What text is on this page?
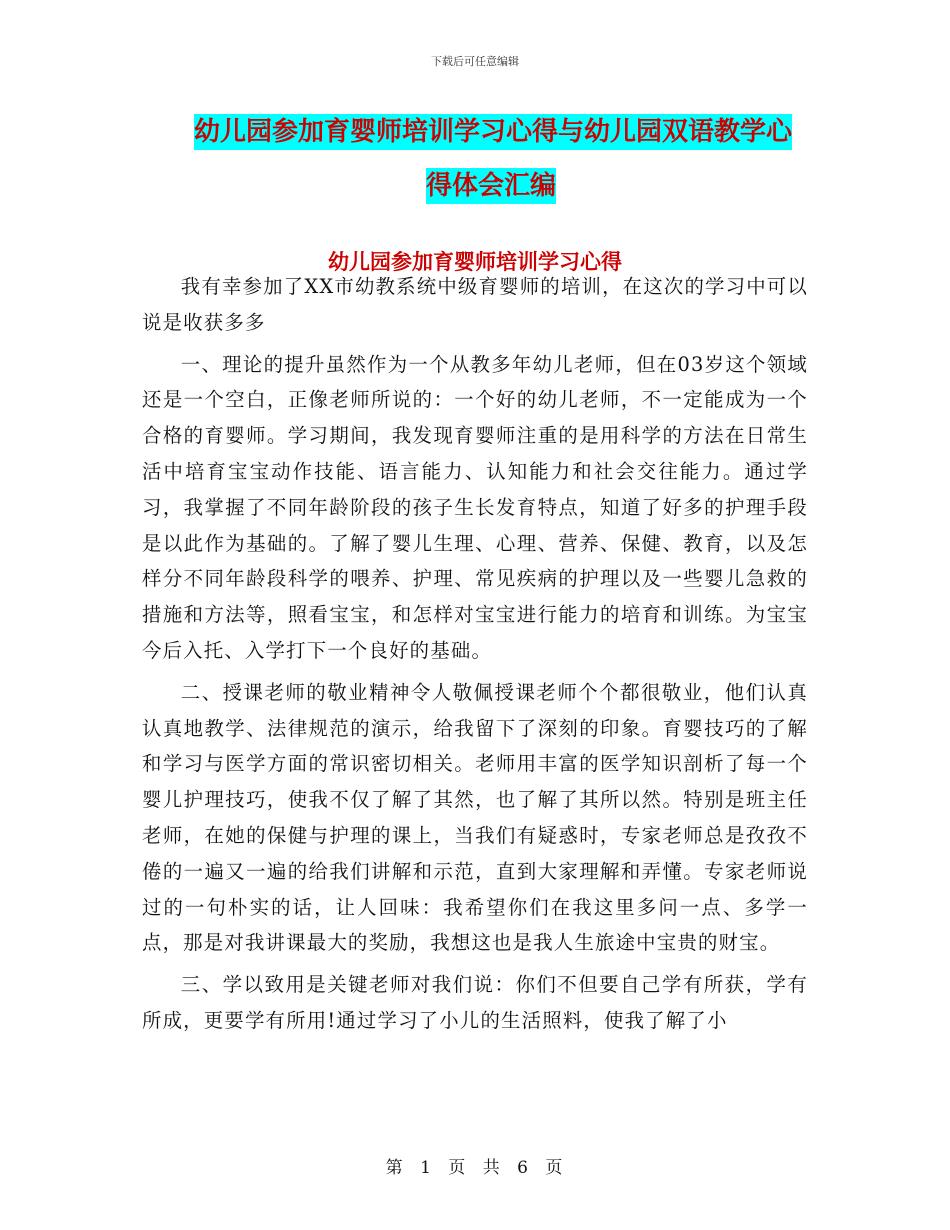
下载后可任意编辑
幼儿园参加育婴师培训学习心得与幼儿园双语教学心
得体会汇编
幼儿园参加育婴师培训学习心得

我有幸参加了XX市幼教系统中级育婴师的培训，在这次的学习中可以说是收获多多

一、理论的提升虽然作为一个从教多年幼儿老师，但在03岁这个领域还是一个空白，正像老师所说的：一个好的幼儿老师，不一定能成为一个合格的育婴师。学习期间，我发现育婴师注重的是用科学的方法在日常生活中培育宝宝动作技能、语言能力、认知能力和社会交往能力。通过学习，我掌握了不同年龄阶段的孩子生长发育特点，知道了好多的护理手段是以此作为基础的。了解了婴儿生理、心理、营养、保健、教育，以及怎样分不同年龄段科学的喂养、护理、常见疾病的护理以及一些婴儿急救的措施和方法等，照看宝宝，和怎样对宝宝进行能力的培育和训练。为宝宝今后入托、入学打下一个良好的基础。

二、授课老师的敬业精神令人敬佩授课老师个个都很敬业，他们认真认真地教学、法律规范的演示，给我留下了深刻的印象。育婴技巧的了解和学习与医学方面的常识密切相关。老师用丰富的医学知识剖析了每一个婴儿护理技巧，使我不仅了解了其然，也了解了其所以然。特别是班主任老师，在她的保健与护理的课上，当我们有疑惑时，专家老师总是孜孜不倦的一遍又一遍的给我们讲解和示范，直到大家理解和弄懂。专家老师说过的一句朴实的话，让人回味：我希望你们在我这里多问一点、多学一点，那是对我讲课最大的奖励，我想这也是我人生旅途中宝贵的财宝。

三、学以致用是关键老师对我们说：你们不但要自己学有所获，学有所成，更要学有所用!通过学习了小儿的生活照料，使我了解了小

第 1 页 共 6 页
